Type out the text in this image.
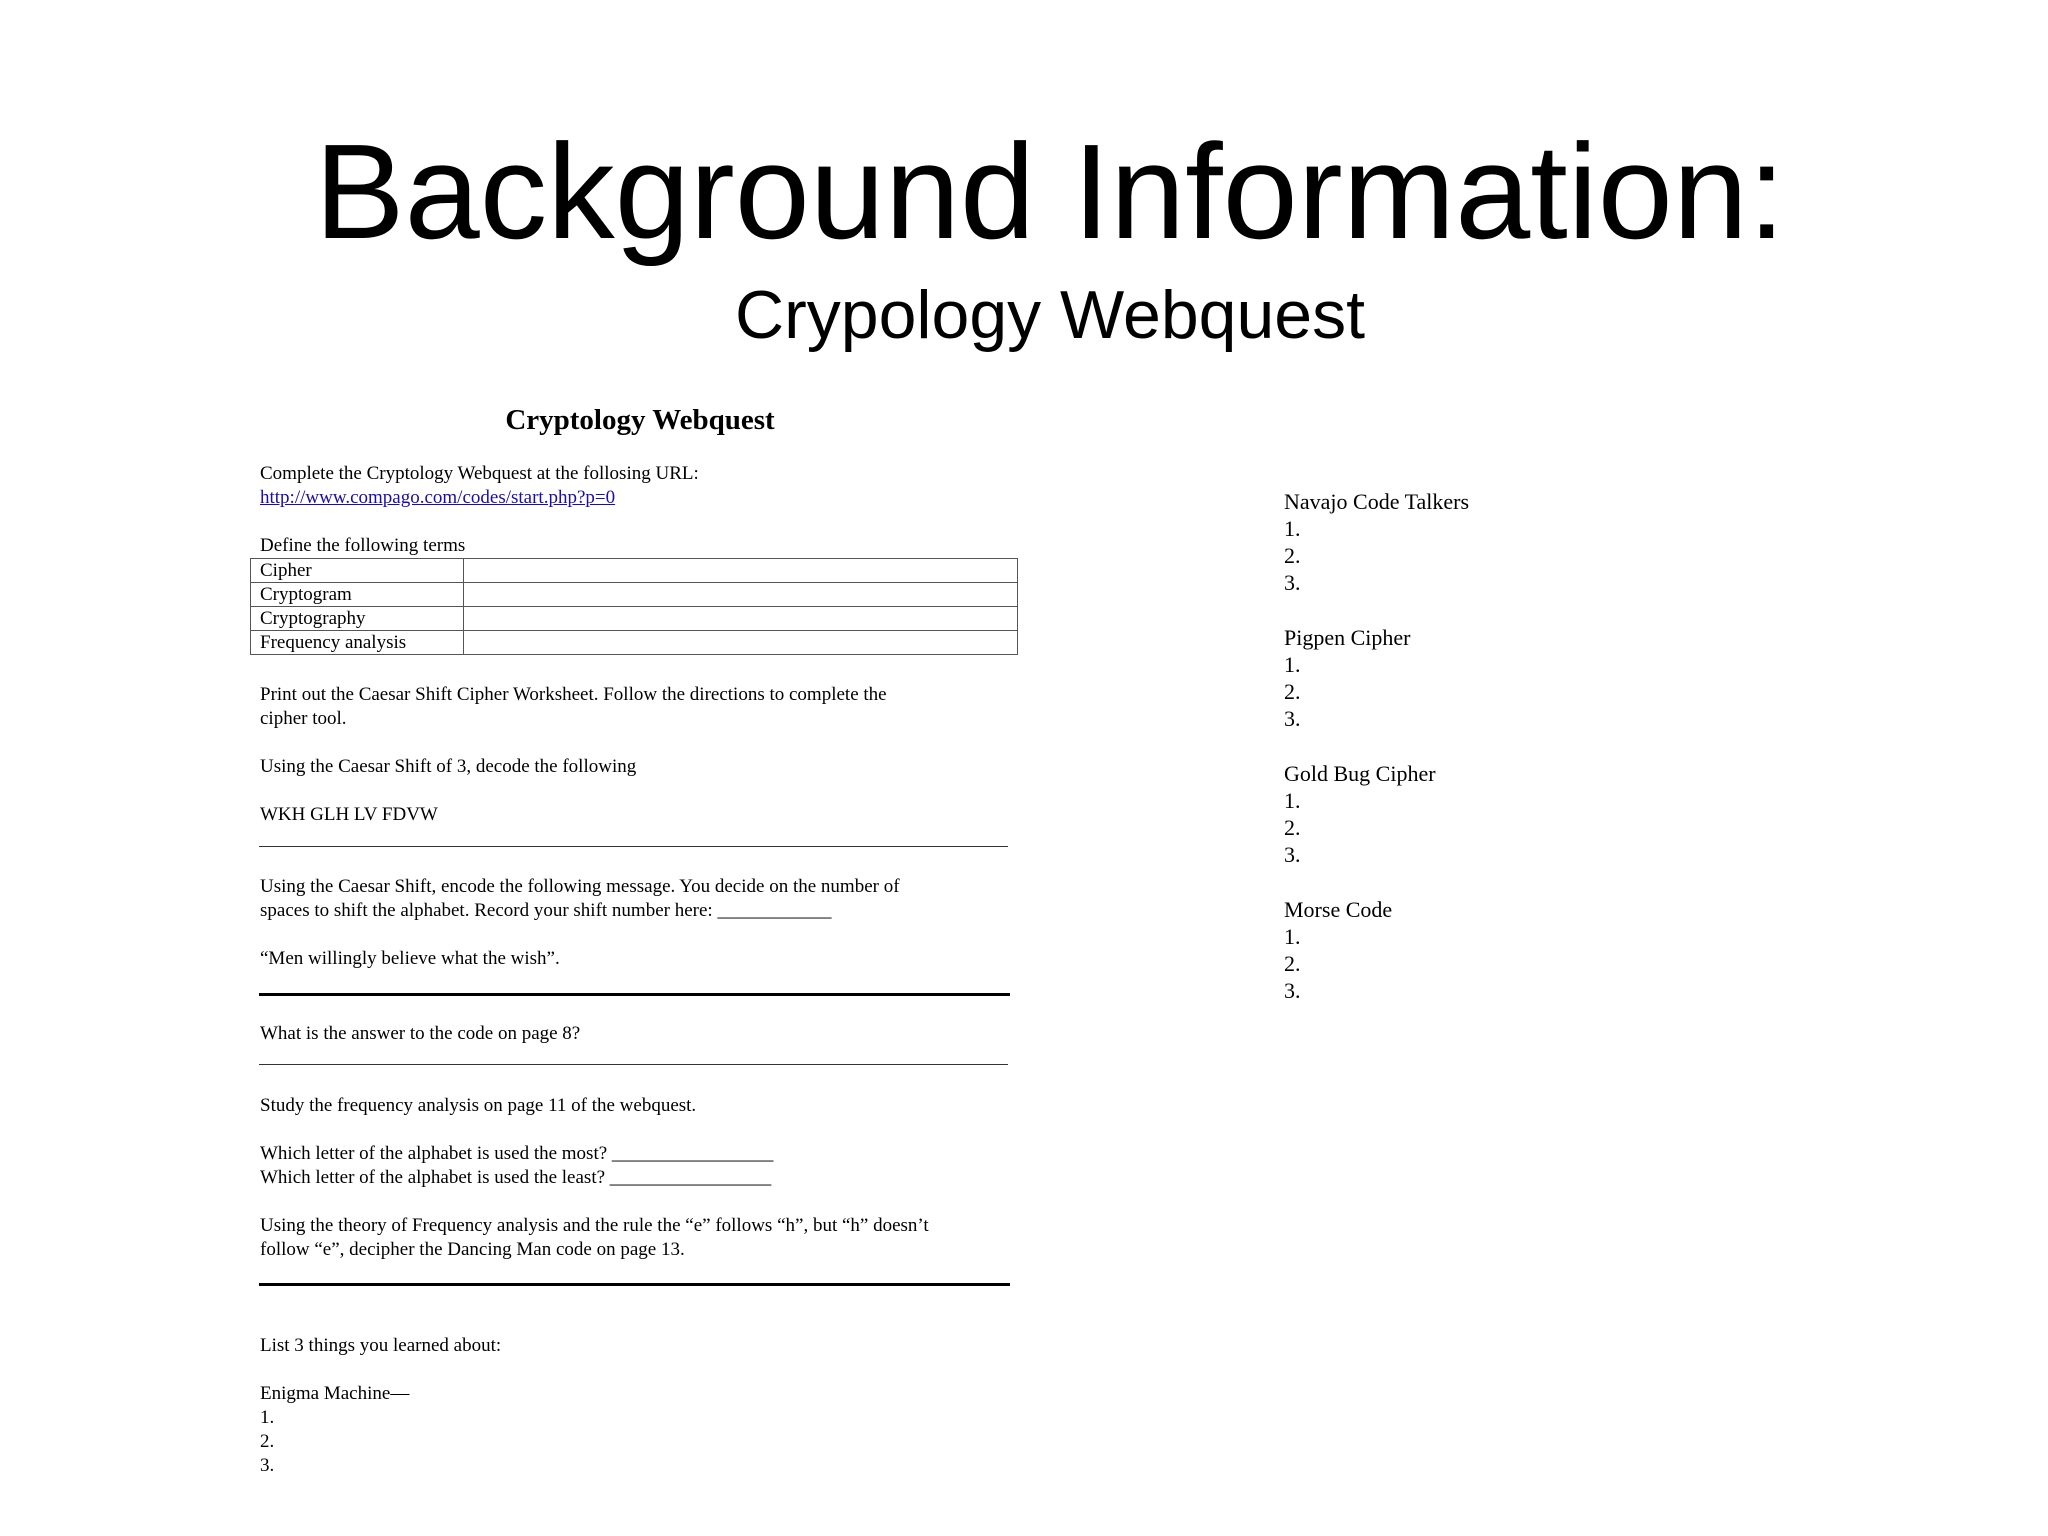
Background Information:
Crypology Webquest
Cryptology Webquest

Complete the Cryptology Webquest at the follosing URL:

http://www.compago.com/codes/start.php?p=0

Define the following terms

Cipher	
Cryptogram	
Cryptography	
Frequency analysis	

Print out the Caesar Shift Cipher Worksheet. Follow the directions to complete the

cipher tool.

Using the Caesar Shift of 3, decode the following

WKH GLH LV FDVW

Using the Caesar Shift, encode the following message. You decide on the number of

spaces to shift the alphabet. Record your shift number here: ____________

“Men willingly believe what the wish”.

What is the answer to the code on page 8?

Study the frequency analysis on page 11 of the webquest.

Which letter of the alphabet is used the most? _________________

Which letter of the alphabet is used the least? _________________

Using the theory of Frequency analysis and the rule the “e” follows “h”, but “h” doesn’t

follow “e”, decipher the Dancing Man code on page 13.

List 3 things you learned about:

Enigma Machine—

1.

2.

3.

Navajo Code Talkers

1.

2.

3.

Pigpen Cipher

1.

2.

3.

Gold Bug Cipher

1.

2.

3.

Morse Code

1.

2.

3.
